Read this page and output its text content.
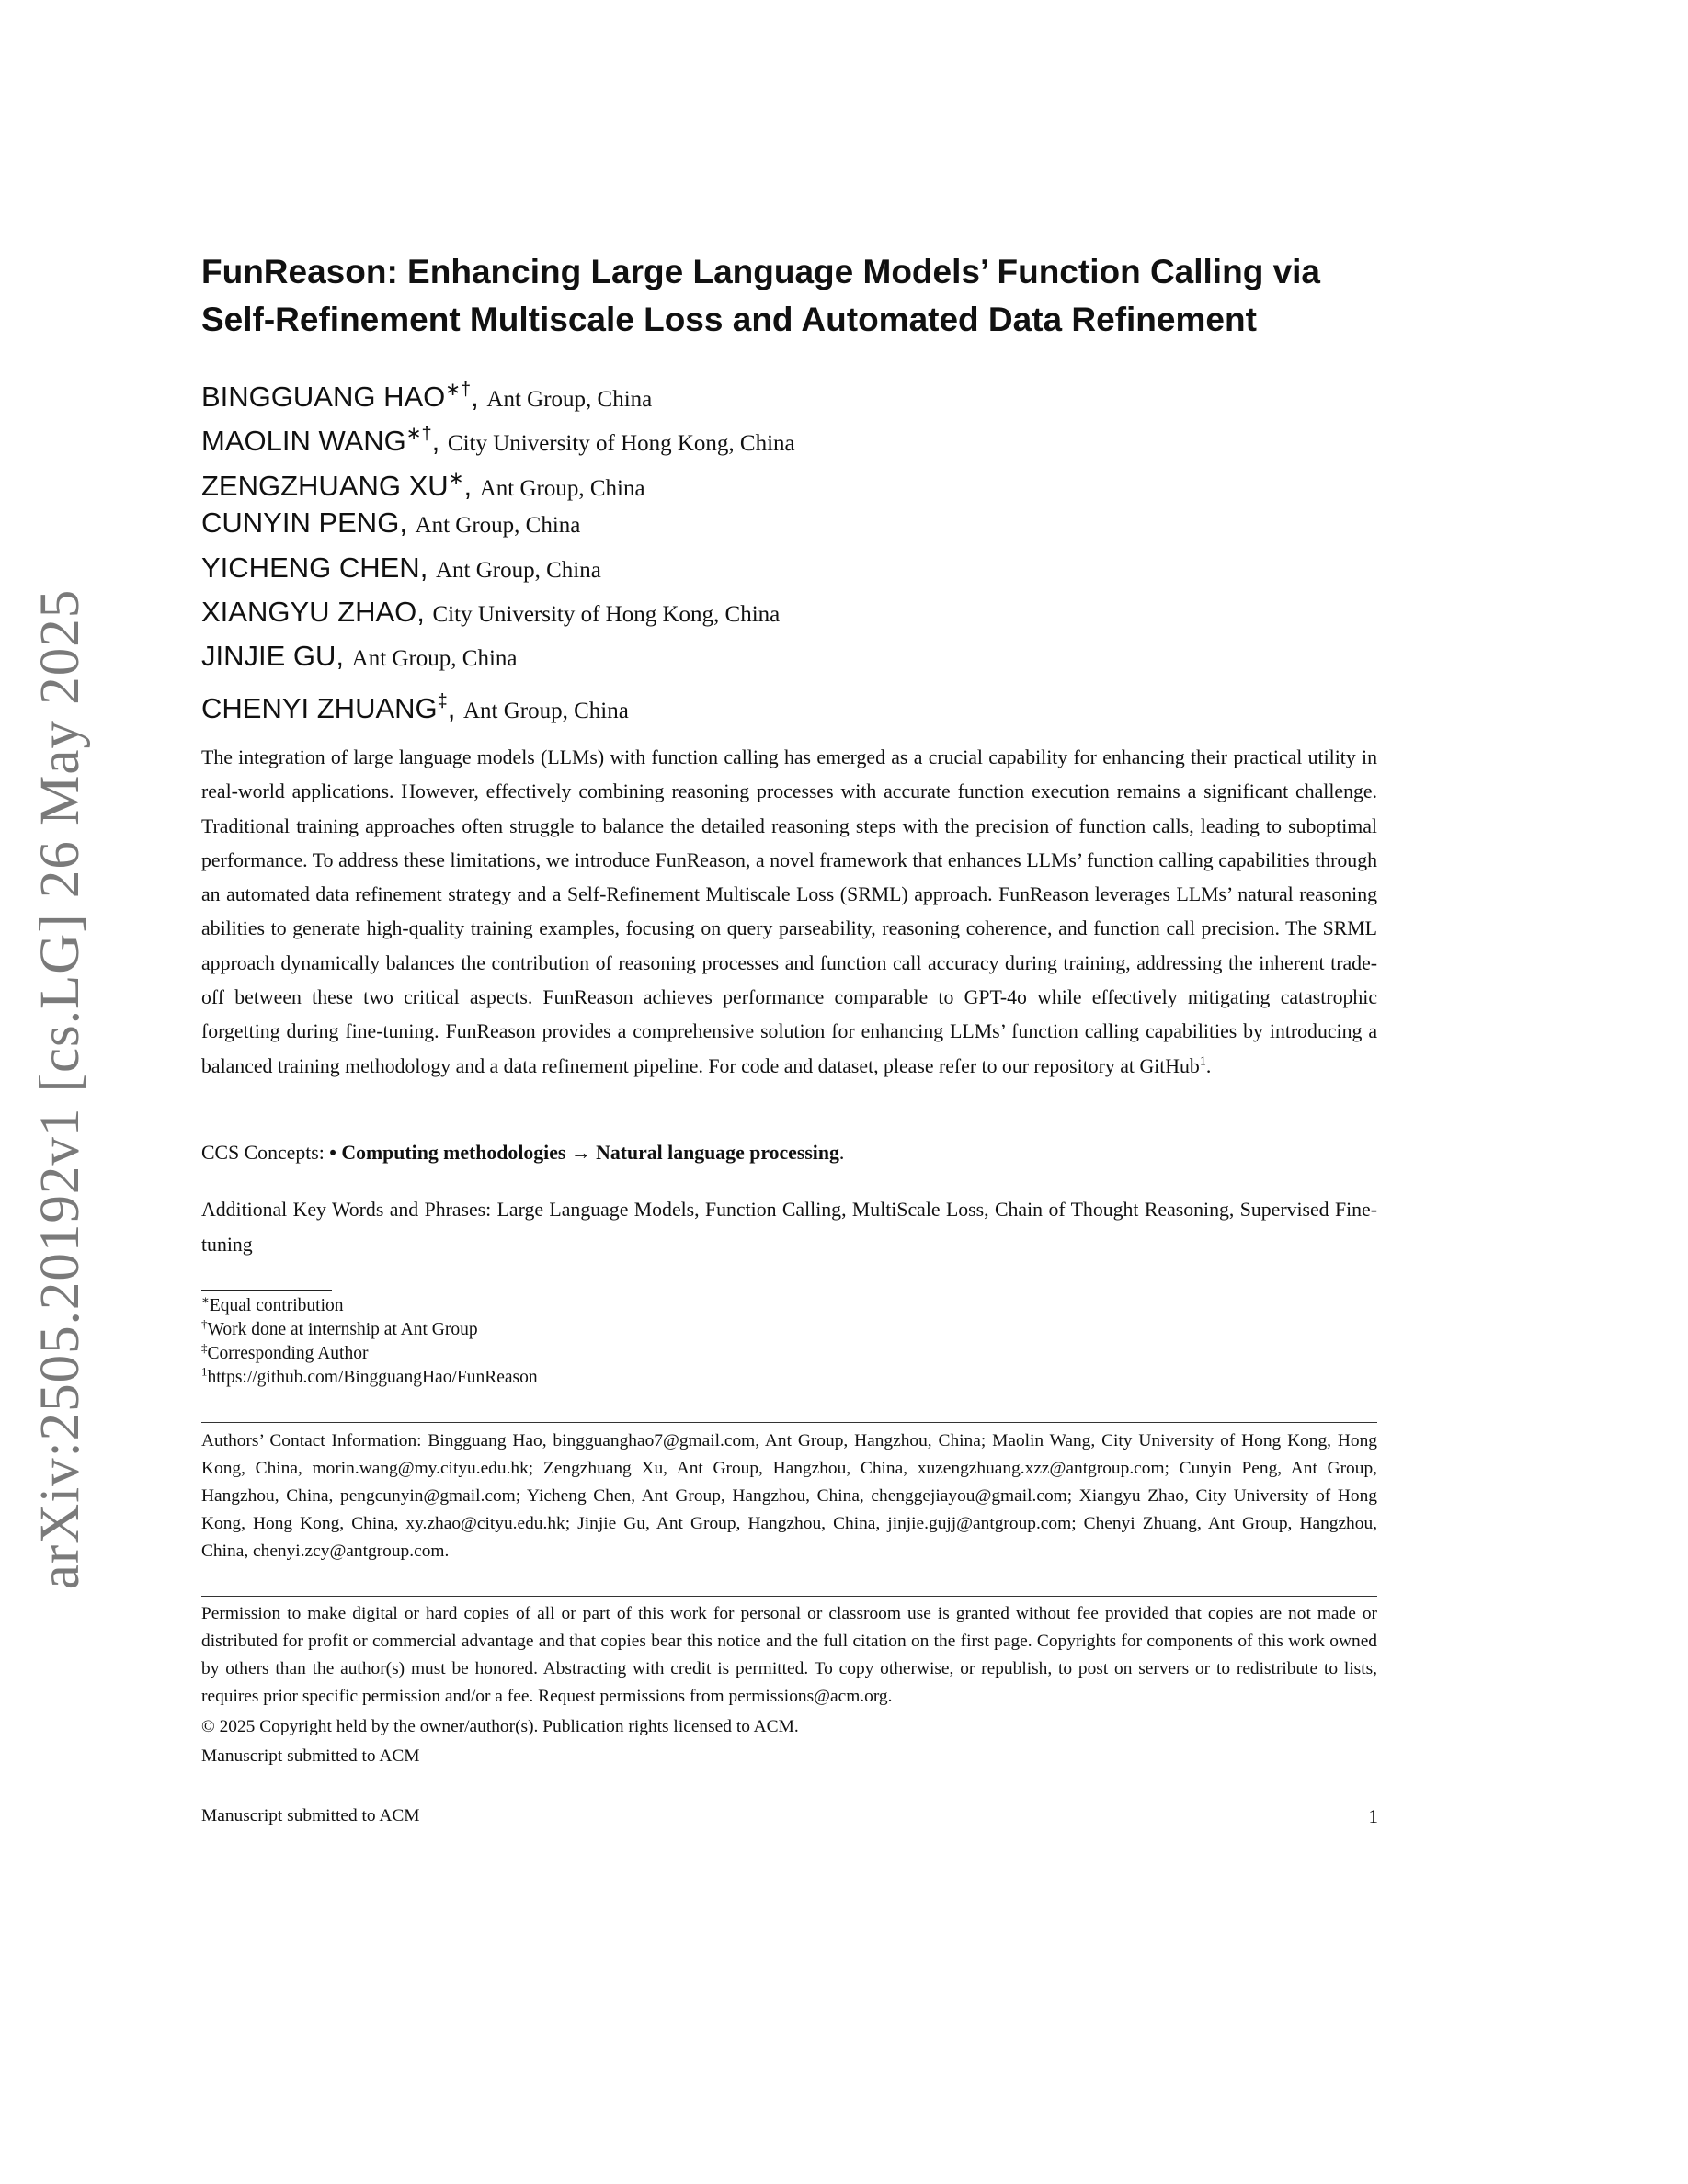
arXiv:2505.20192v1 [cs.LG] 26 May 2025
FunReason: Enhancing Large Language Models’ Function Calling via
Self-Refinement Multiscale Loss and Automated Data Refinement
BINGGUANG HAO∗†, Ant Group, China
MAOLIN WANG∗†, City University of Hong Kong, China
ZENGZHUANG XU∗, Ant Group, China
CUNYIN PENG, Ant Group, China
YICHENG CHEN, Ant Group, China
XIANGYU ZHAO, City University of Hong Kong, China
JINJIE GU, Ant Group, China
CHENYI ZHUANG‡, Ant Group, China

The integration of large language models (LLMs) with function calling has emerged as a crucial capability for enhancing their practical utility in real-world applications. However, effectively combining reasoning processes with accurate function execution remains a significant challenge. Traditional training approaches often struggle to balance the detailed reasoning steps with the precision of function calls, leading to suboptimal performance. To address these limitations, we introduce FunReason, a novel framework that enhances LLMs’ function calling capabilities through an automated data refinement strategy and a Self-Refinement Multiscale Loss (SRML) approach. FunReason leverages LLMs’ natural reasoning abilities to generate high-quality training examples, focusing on query parseability, reasoning coherence, and function call precision. The SRML approach dynamically balances the contribution of reasoning processes and function call accuracy during training, addressing the inherent trade-off between these two critical aspects. FunReason achieves performance comparable to GPT-4o while effectively mitigating catastrophic forgetting during fine-tuning. FunReason provides a comprehensive solution for enhancing LLMs’ function calling capabilities by introducing a balanced training methodology and a data refinement pipeline. For code and dataset, please refer to our repository at GitHub$^1$.

CCS Concepts: • Computing methodologies → Natural language processing.
Additional Key Words and Phrases: Large Language Models, Function Calling, MultiScale Loss, Chain of Thought Reasoning, Supervised Fine-tuning
∗Equal contribution
†Work done at internship at Ant Group
‡Corresponding Author
$^1$https://github.com/BingguangHao/FunReason
Authors’ Contact Information: Bingguang Hao, bingguanghao7@gmail.com, Ant Group, Hangzhou, China; Maolin Wang, City University of Hong Kong, Hong Kong, China, morin.wang@my.cityu.edu.hk; Zengzhuang Xu, Ant Group, Hangzhou, China, xuzengzhuang.xzz@antgroup.com; Cunyin Peng, Ant Group, Hangzhou, China, pengcunyin@gmail.com; Yicheng Chen, Ant Group, Hangzhou, China, chenggejiayou@gmail.com; Xiangyu Zhao, City University of Hong Kong, Hong Kong, China, xy.zhao@cityu.edu.hk; Jinjie Gu, Ant Group, Hangzhou, China, jinjie.gujj@antgroup.com; Chenyi Zhuang, Ant Group, Hangzhou, China, chenyi.zcy@antgroup.com.
Permission to make digital or hard copies of all or part of this work for personal or classroom use is granted without fee provided that copies are not made or distributed for profit or commercial advantage and that copies bear this notice and the full citation on the first page. Copyrights for components of this work owned by others than the author(s) must be honored. Abstracting with credit is permitted. To copy otherwise, or republish, to post on servers or to redistribute to lists, requires prior specific permission and/or a fee. Request permissions from permissions@acm.org.
© 2025 Copyright held by the owner/author(s). Publication rights licensed to ACM.
Manuscript submitted to ACM
Manuscript submitted to ACM	1
